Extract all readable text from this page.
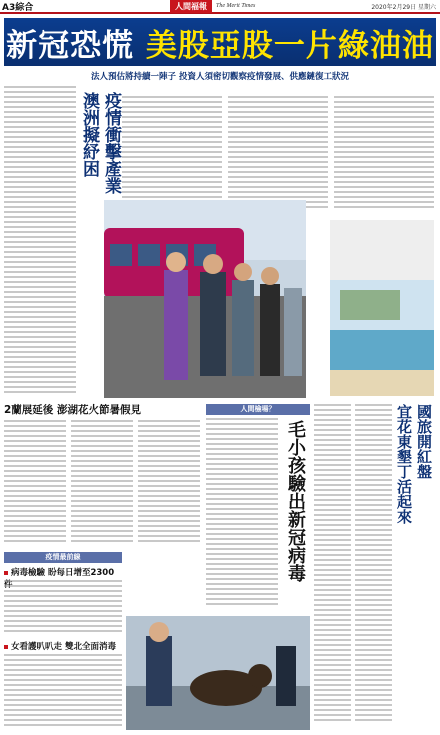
A3綜合	人間福報	The Merit Times	2020年2月29日 星期六
新冠恐慌 美股亞股一片綠油油
法人預估將持續一陣子 投資人須密切觀察疫情發展、供應鏈復工狀況
疫情衝擊產業
澳洲擬紓困
2蘭展延後 澎湖花火節暑假見	人間檢場？
毛小孩驗出新冠病毒	國旅開紅盤
宜花東墾丁活起來
疫情最前線
病毒檢驗 盼每日增至2300
女看護叭叭走 雙北全面消毒
